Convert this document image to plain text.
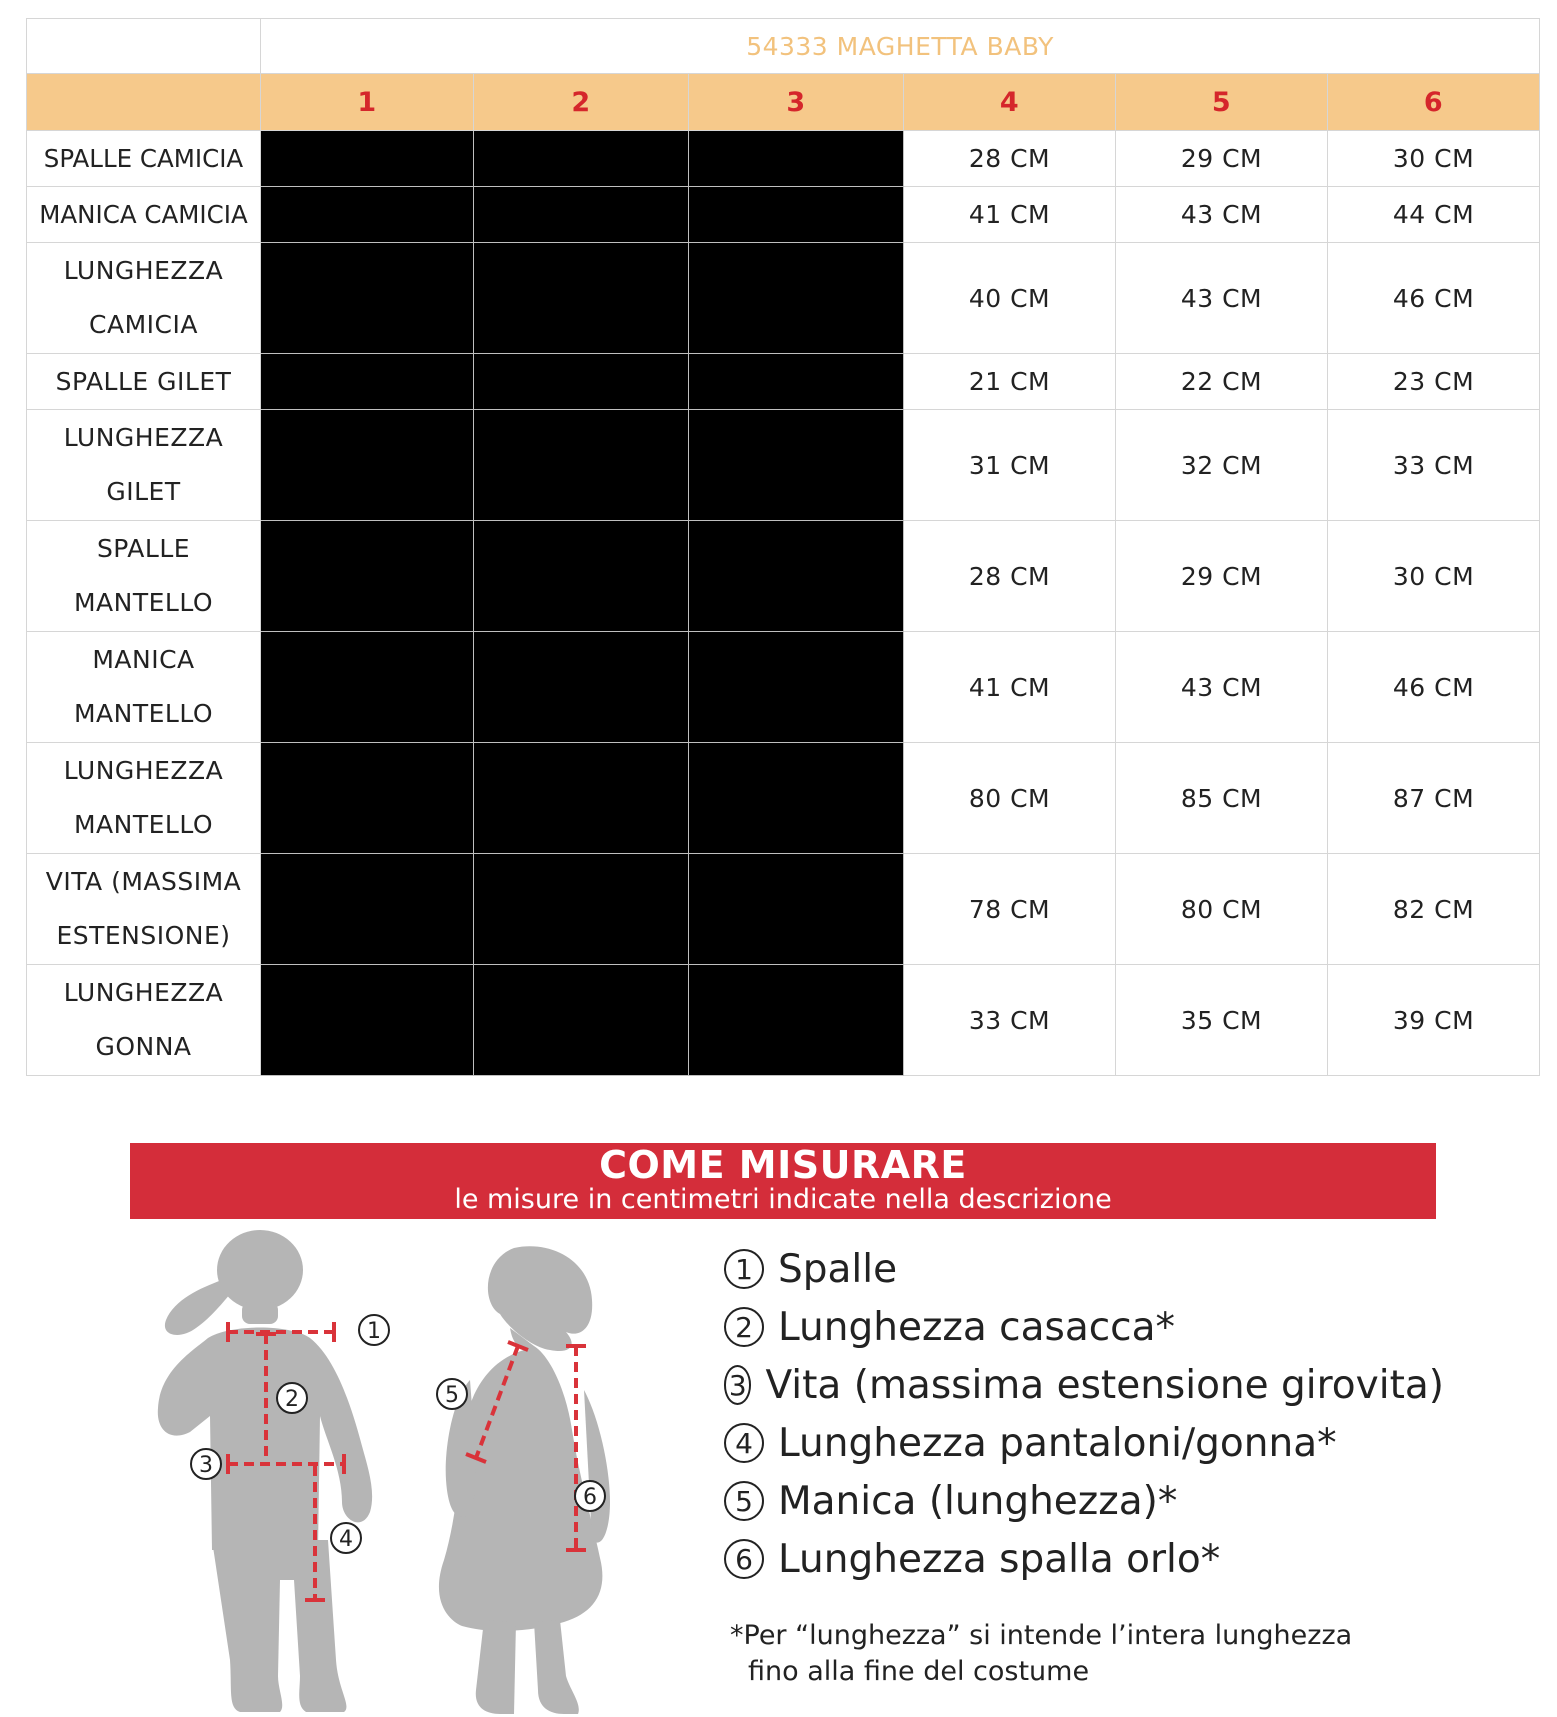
	54333 MAGHETTA BABY					
	1	2	3	4	5	6

SPALLE CAMICIA				28 CM	29 CM	30 CM

MANICA CAMICIA				41 CM	43 CM	44 CM

LUNGHEZZA
CAMICIA				40 CM	43 CM	46 CM

SPALLE GILET				21 CM	22 CM	23 CM

LUNGHEZZA
GILET				31 CM	32 CM	33 CM

SPALLE
MANTELLO				28 CM	29 CM	30 CM

MANICA
MANTELLO				41 CM	43 CM	46 CM

LUNGHEZZA
MANTELLO				80 CM	85 CM	87 CM

VITA (MASSIMA
ESTENSIONE)				78 CM	80 CM	82 CM

LUNGHEZZA
GONNA				33 CM	35 CM	39 CM
COME MISURARE
le misure in centimetri indicate nella descrizione
1
2
3
4
5
6
1 Spalle
2 Lunghezza casacca*
3 Vita (massima estensione girovita)
4 Lunghezza pantaloni/gonna*
5 Manica (lunghezza)*
6 Lunghezza spalla orlo*
*Per “lunghezza” si intende l’intera lunghezza
fino alla fine del costume
